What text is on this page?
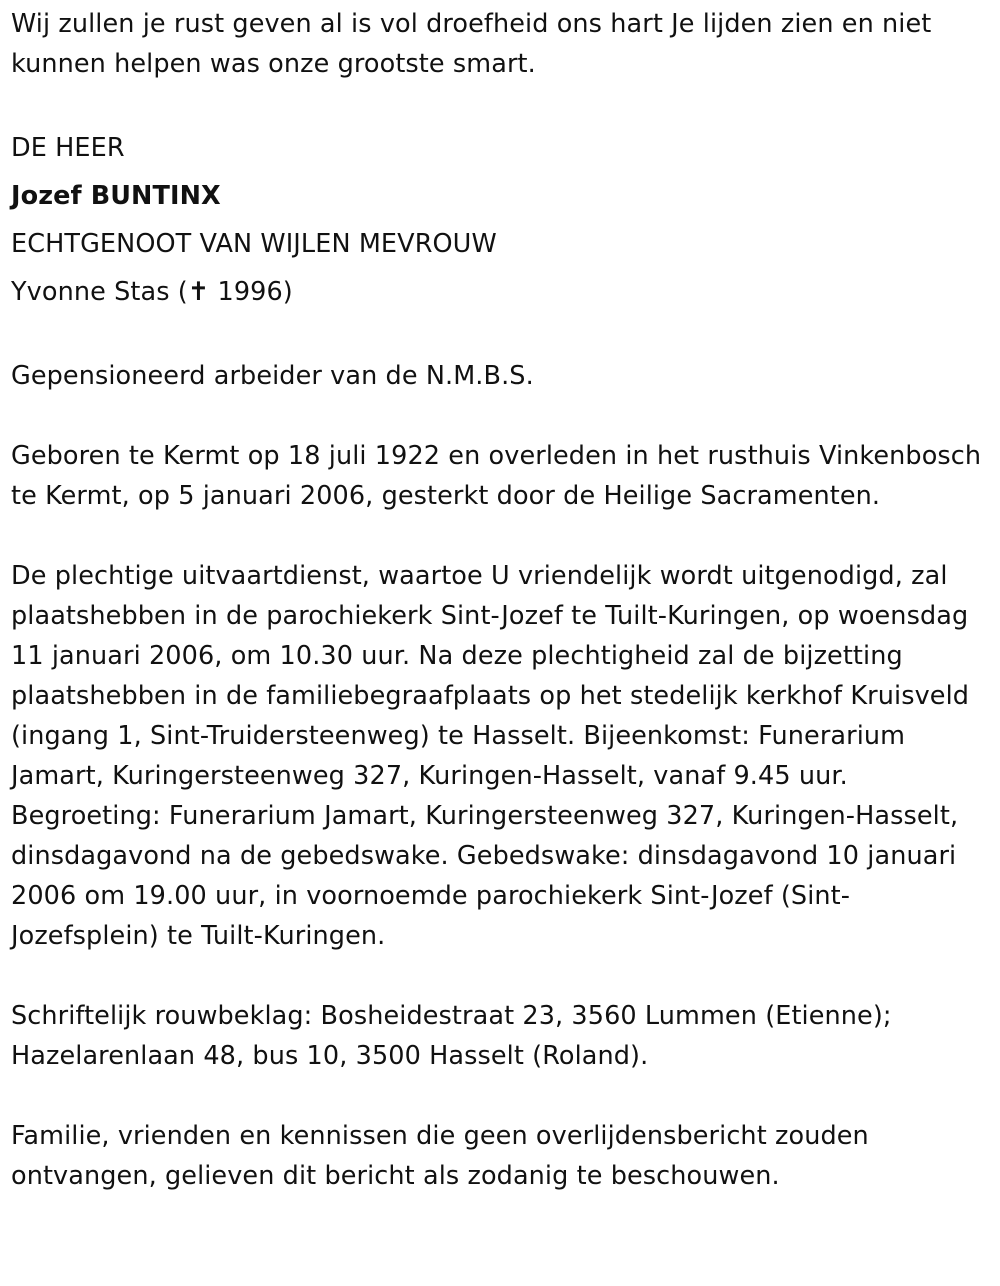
Wij zullen je rust geven al is vol droefheid ons hart Je lijden zien en niet kunnen helpen was onze grootste smart.

DE HEER

Jozef BUNTINX

ECHTGENOOT VAN WIJLEN MEVROUW

Yvonne Stas (✝ 1996)

Gepensioneerd arbeider van de N.M.B.S.

Geboren te Kermt op 18 juli 1922 en overleden in het rusthuis Vinkenbosch te Kermt, op 5 januari 2006, gesterkt door de Heilige Sacramenten.

De plechtige uitvaartdienst, waartoe U vriendelijk wordt uitgenodigd, zal plaatshebben in de parochiekerk Sint-Jozef te Tuilt-Kuringen, op woensdag 11 januari 2006, om 10.30 uur. Na deze plechtigheid zal de bijzetting plaatshebben in de familiebegraafplaats op het stedelijk kerkhof Kruisveld (ingang 1, Sint-Truidersteenweg) te Hasselt. Bijeenkomst: Funerarium Jamart, Kuringersteenweg 327, Kuringen-Hasselt, vanaf 9.45 uur. Begroeting: Funerarium Jamart, Kuringersteenweg 327, Kuringen-Hasselt, dinsdagavond na de gebedswake. Gebedswake: dinsdagavond 10 januari 2006 om 19.00 uur, in voornoemde parochiekerk Sint-Jozef (Sint-Jozefsplein) te Tuilt-Kuringen.

Schriftelijk rouwbeklag: Bosheidestraat 23, 3560 Lummen (Etienne); Hazelarenlaan 48, bus 10, 3500 Hasselt (Roland).

Familie, vrienden en kennissen die geen overlijdensbericht zouden ontvangen, gelieven dit bericht als zodanig te beschouwen.
